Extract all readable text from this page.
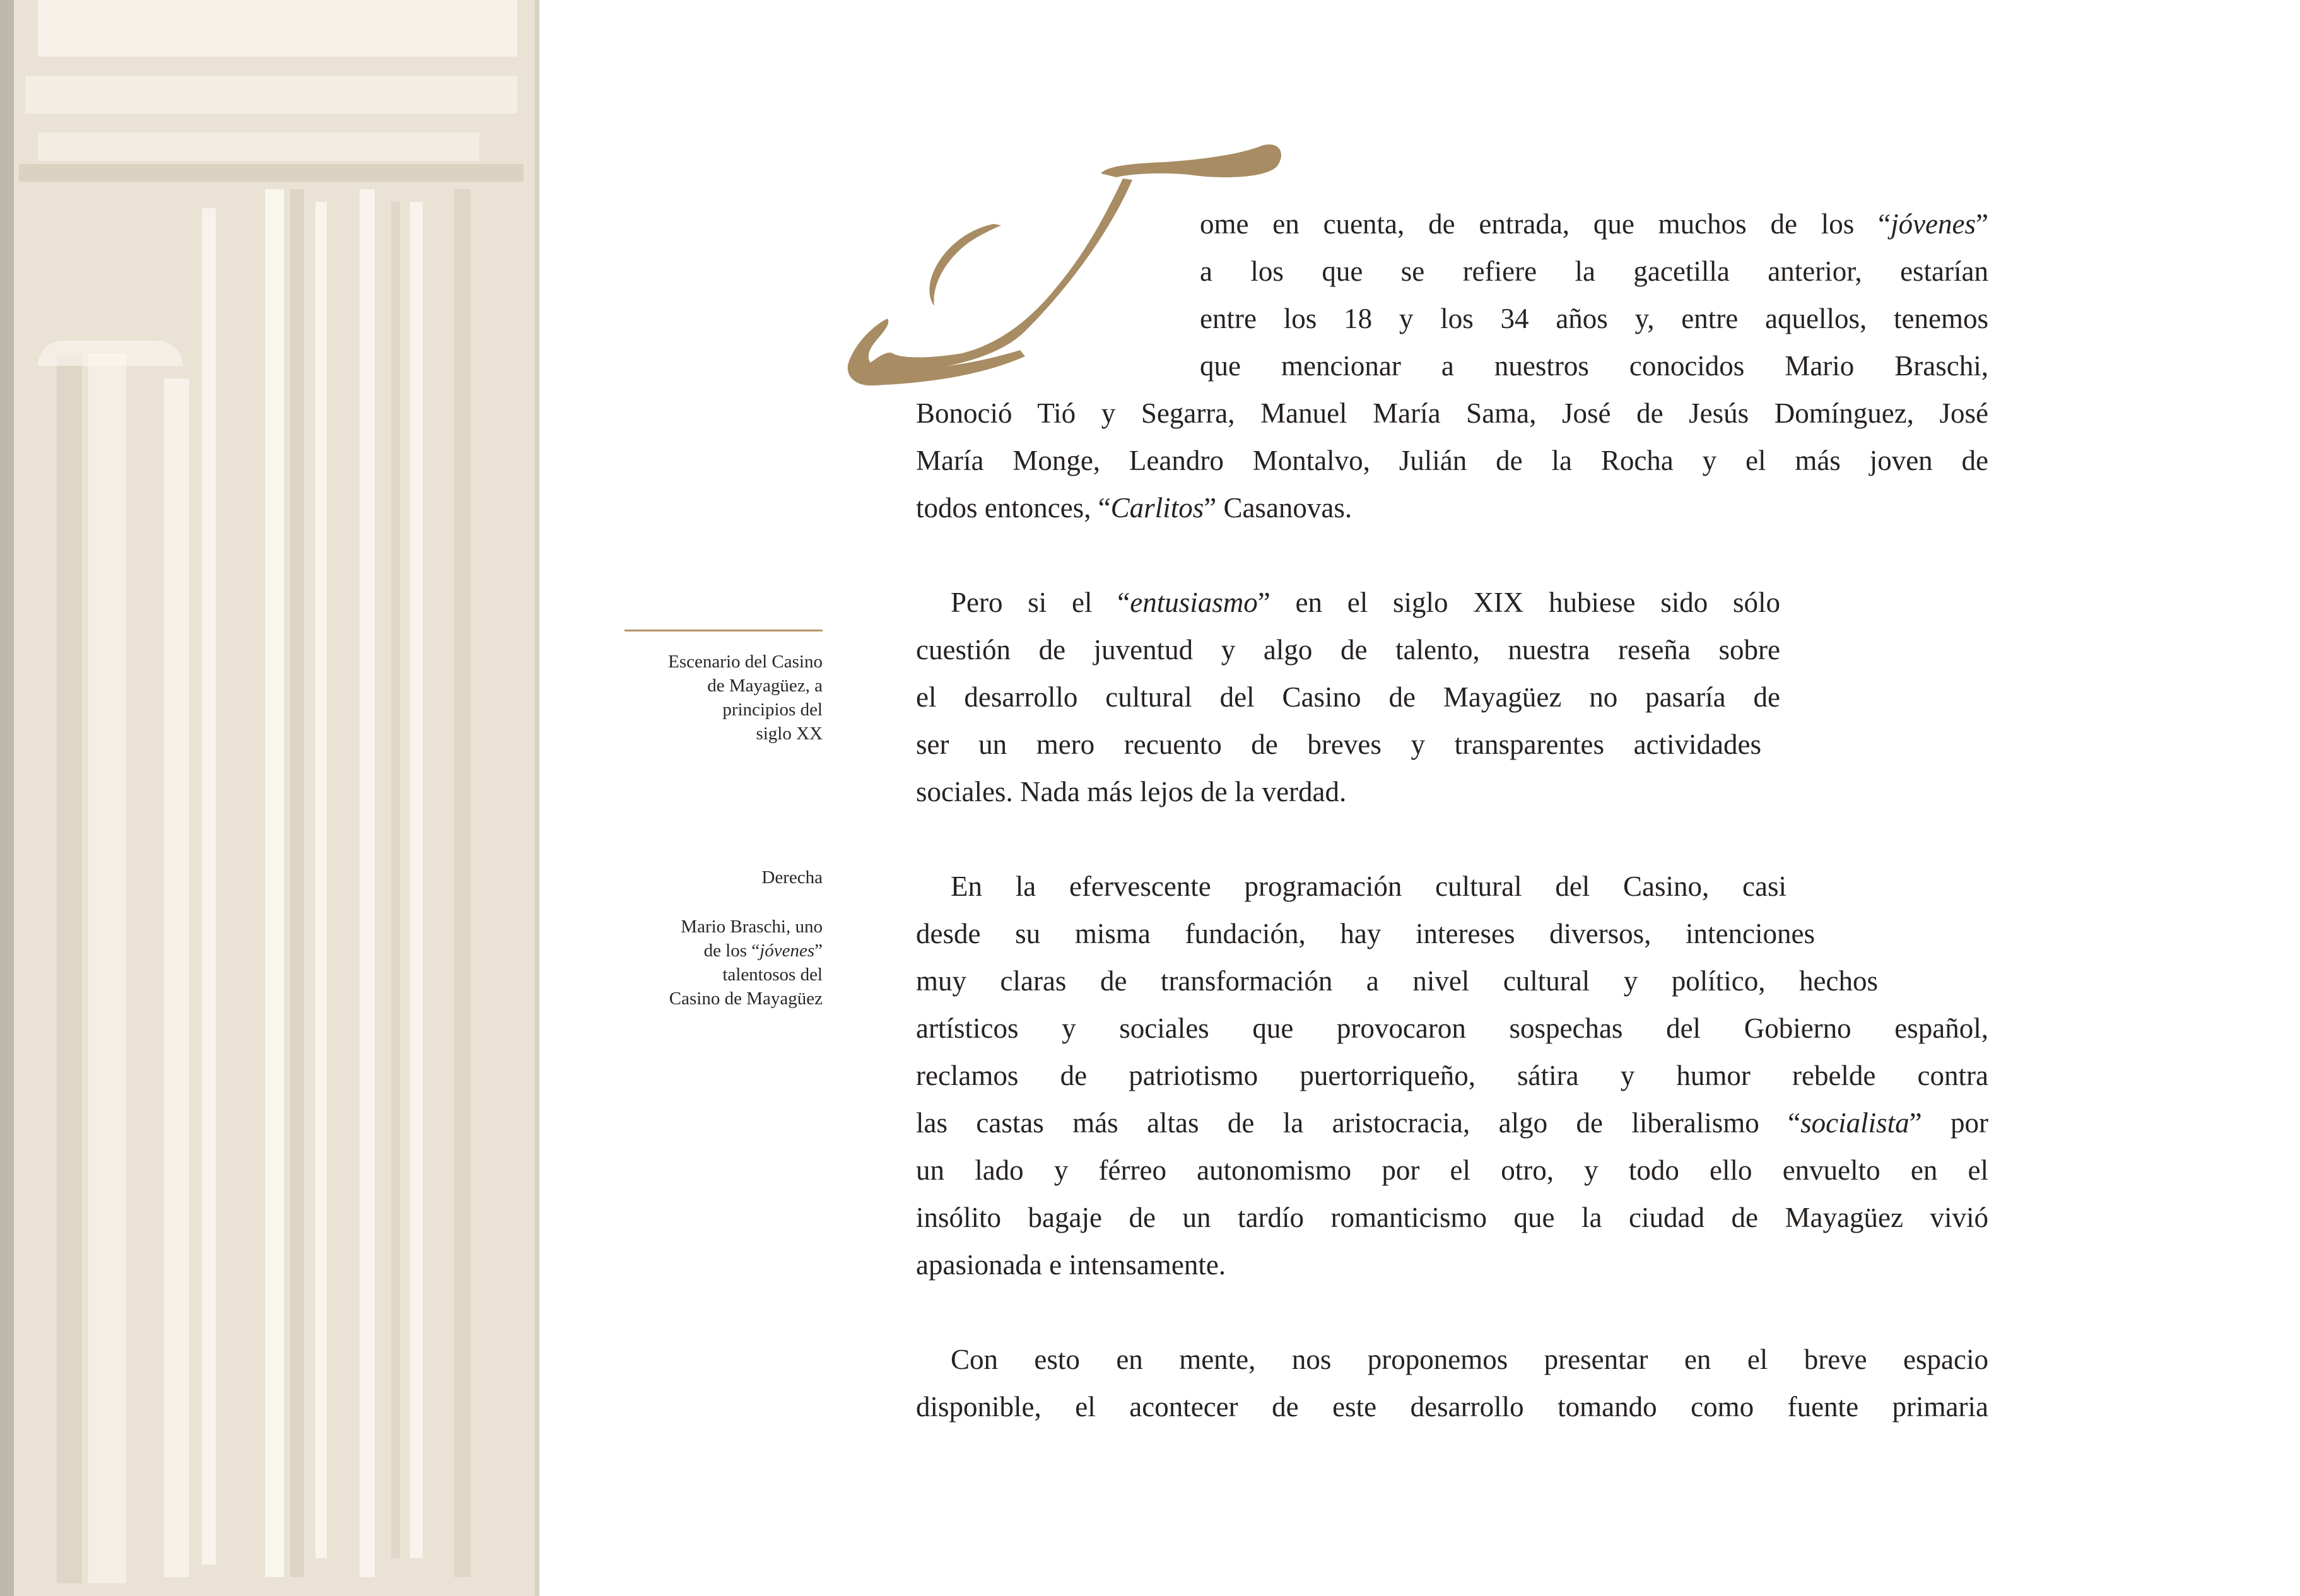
Escenario del Casino
de Mayagüez, a
principios del
siglo XX
Derecha
Mario Braschi, uno
de los “jóvenes”
talentosos del
Casino de Mayagüez
ome en cuenta, de entrada, que muchos de los “jóvenes”
a los que se refiere la gacetilla anterior, estarían
entre los 18 y los 34 años y, entre aquellos, tenemos
que mencionar a nuestros conocidos Mario Braschi,
Bonoció Tió y Segarra, Manuel María Sama, José de Jesús Domínguez, José
María Monge, Leandro Montalvo, Julián de la Rocha y el más joven de
todos entonces, “Carlitos” Casanovas.
Pero si el “entusiasmo” en el siglo XIX hubiese sido sólo
cuestión de juventud y algo de talento, nuestra reseña sobre
el desarrollo cultural del Casino de Mayagüez no pasaría de
ser un mero recuento de breves y transparentes actividades
sociales. Nada más lejos de la verdad.
En la efervescente programación cultural del Casino, casi
desde su misma fundación, hay intereses diversos, intenciones
muy claras de transformación a nivel cultural y político, hechos
artísticos y sociales que provocaron sospechas del Gobierno español,
reclamos de patriotismo puertorriqueño, sátira y humor rebelde contra
las castas más altas de la aristocracia, algo de liberalismo “socialista” por
un lado y férreo autonomismo por el otro, y todo ello envuelto en el
insólito bagaje de un tardío romanticismo que la ciudad de Mayagüez vivió
apasionada e intensamente.
Con esto en mente, nos proponemos presentar en el breve espacio
disponible, el acontecer de este desarrollo tomando como fuente primaria
